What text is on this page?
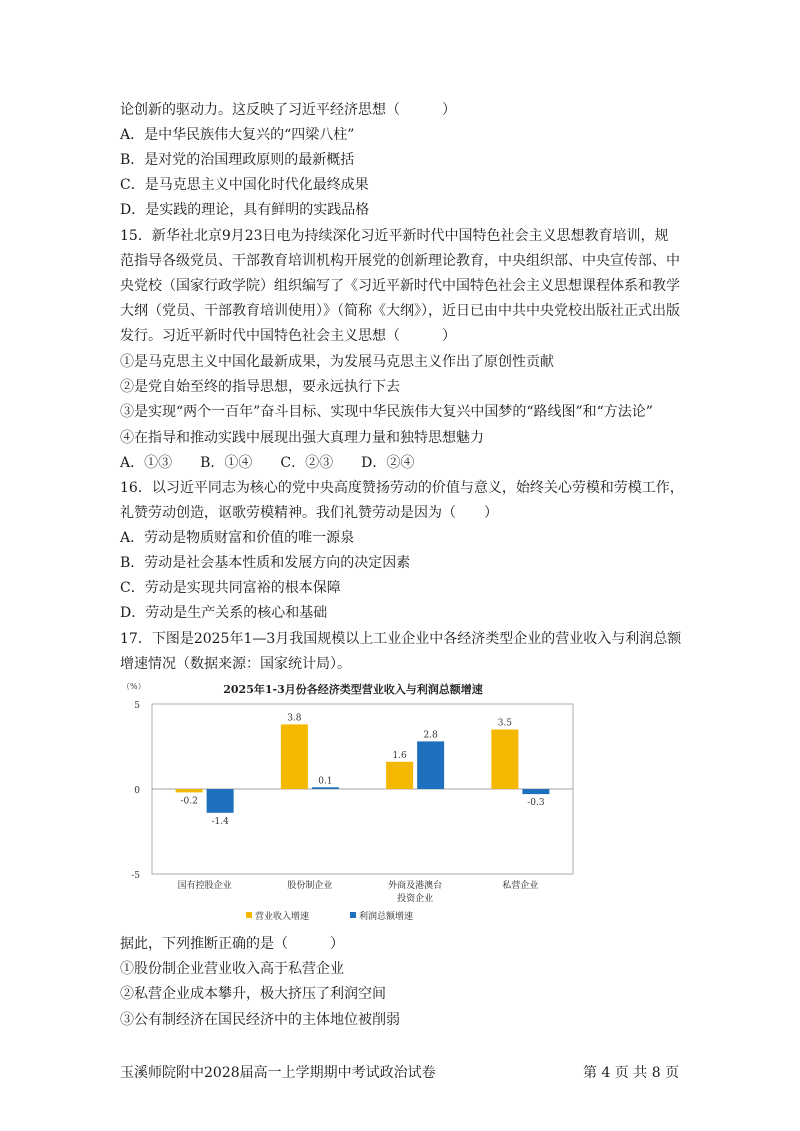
论创新的驱动力。这反映了习近平经济思想（　　　）
A．是中华民族伟大复兴的“四梁八柱”
B．是对党的治国理政原则的最新概括
C．是马克思主义中国化时代化最终成果
D．是实践的理论，具有鲜明的实践品格
15．新华社北京9月23日电为持续深化习近平新时代中国特色社会主义思想教育培训，规
范指导各级党员、干部教育培训机构开展党的创新理论教育，中央组织部、中央宣传部、中
央党校（国家行政学院）组织编写了《习近平新时代中国特色社会主义思想课程体系和教学
大纲（党员、干部教育培训使用）》（简称《大纲》），近日已由中共中央党校出版社正式出版
发行。习近平新时代中国特色社会主义思想（　　　）
①是马克思主义中国化最新成果，为发展马克思主义作出了原创性贡献
②是党自始至终的指导思想，要永远执行下去
③是实现“两个一百年”奋斗目标、实现中华民族伟大复兴中国梦的“路线图”和“方法论”
④在指导和推动实践中展现出强大真理力量和独特思想魅力
A．①③　　B．①④　　C．②③　　D．②④
16．以习近平同志为核心的党中央高度赞扬劳动的价值与意义，始终关心劳模和劳模工作，
礼赞劳动创造，讴歌劳模精神。我们礼赞劳动是因为（　　）
A．劳动是物质财富和价值的唯一源泉
B．劳动是社会基本性质和发展方向的决定因素
C．劳动是实现共同富裕的根本保障
D．劳动是生产关系的核心和基础
17．下图是2025年1—3月我国规模以上工业企业中各经济类型企业的营业收入与利润总额
增速情况（数据来源：国家统计局）。
据此，下列推断正确的是（　　　）
①股份制企业营业收入高于私营企业
②私营企业成本攀升，极大挤压了利润空间
③公有制经济在国民经济中的主体地位被削弱
2025年1-3月份各经济类型营业收入与利润总额增速
（%）
5
0
-5
-0.2
-1.4
国有控股企业
3.8
0.1
股份制企业
1.6
2.8
外商及港澳台
投资企业
3.5
-0.3
私营企业
营业收入增速	利润总额增速
玉溪师院附中2028届高一上学期期中考试政治试卷	第 4 页 共 8 页
